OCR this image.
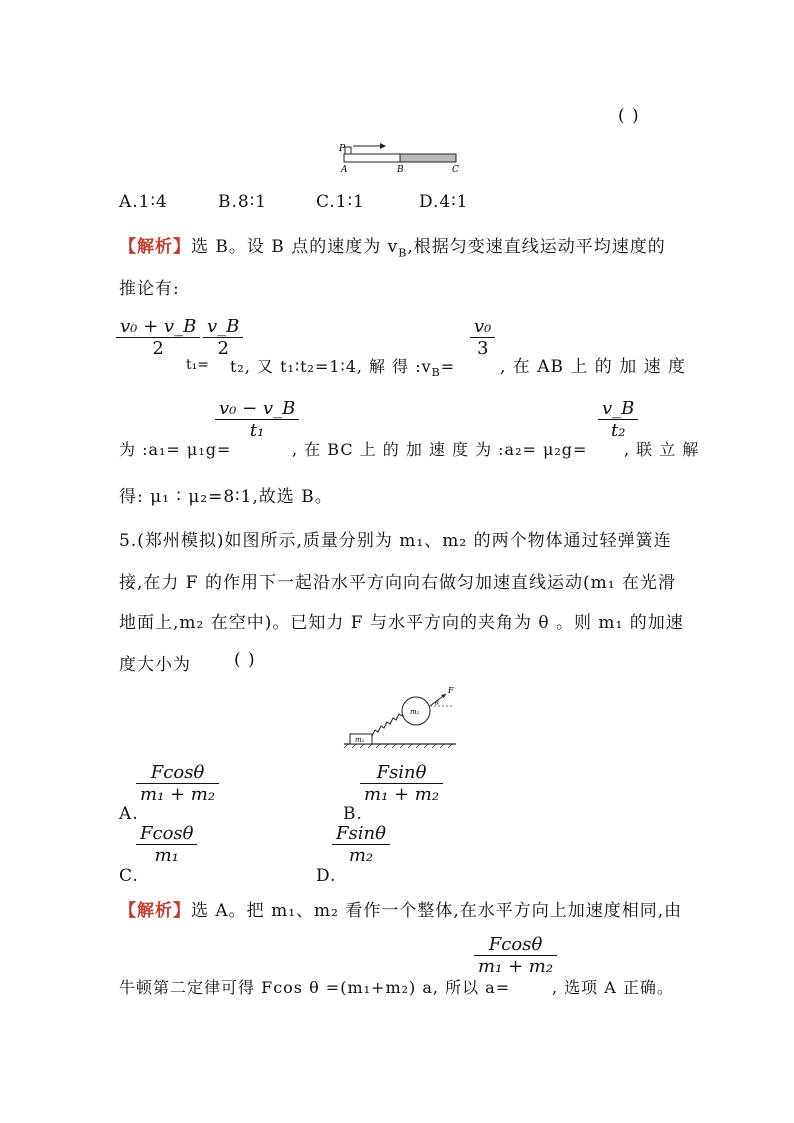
( )
P
A	B	C
A.1∶4	B.8∶1	C.1∶1	D.4∶1
【解析】选 B。设 B 点的速度为 $v_B$,根据匀变速直线运动平均速度的
推论有:
v₀ + v_B
2
v_B
2
t₁= t₂, 又 t₁∶t₂=1∶4, 解 得 $:v_B=$
v₀
3
, 在 AB 上 的 加 速 度
v₀ − v_B
t₁
v_B
t₂
为 :a₁= μ₁g=	, 在 BC 上 的 加 速 度 为 :a₂= μ₂g= , 联 立 解
得: μ₁ ∶ μ₂=8∶1,故选 B。
5.(郑州模拟)如图所示,质量分别为 m₁、m₂ 的两个物体通过轻弹簧连
接,在力 F 的作用下一起沿水平方向向右做匀加速直线运动(m₁ 在光滑
地面上,m₂ 在空中)。已知力 F 与水平方向的夹角为 θ 。则 m₁ 的加速
度大小为	( )
m₁
m₂
F
θ
A.
Fcosθ
m₁ + m₂
B.
Fsinθ
m₁ + m₂
C.
Fcosθ
m₁
D.
Fsinθ
m₂
【解析】选 A。把 m₁、m₂ 看作一个整体,在水平方向上加速度相同,由
Fcosθ
m₁ + m₂
牛顿第二定律可得 Fcos θ =(m₁+m₂) a, 所以 a=	, 选项 A 正确。
